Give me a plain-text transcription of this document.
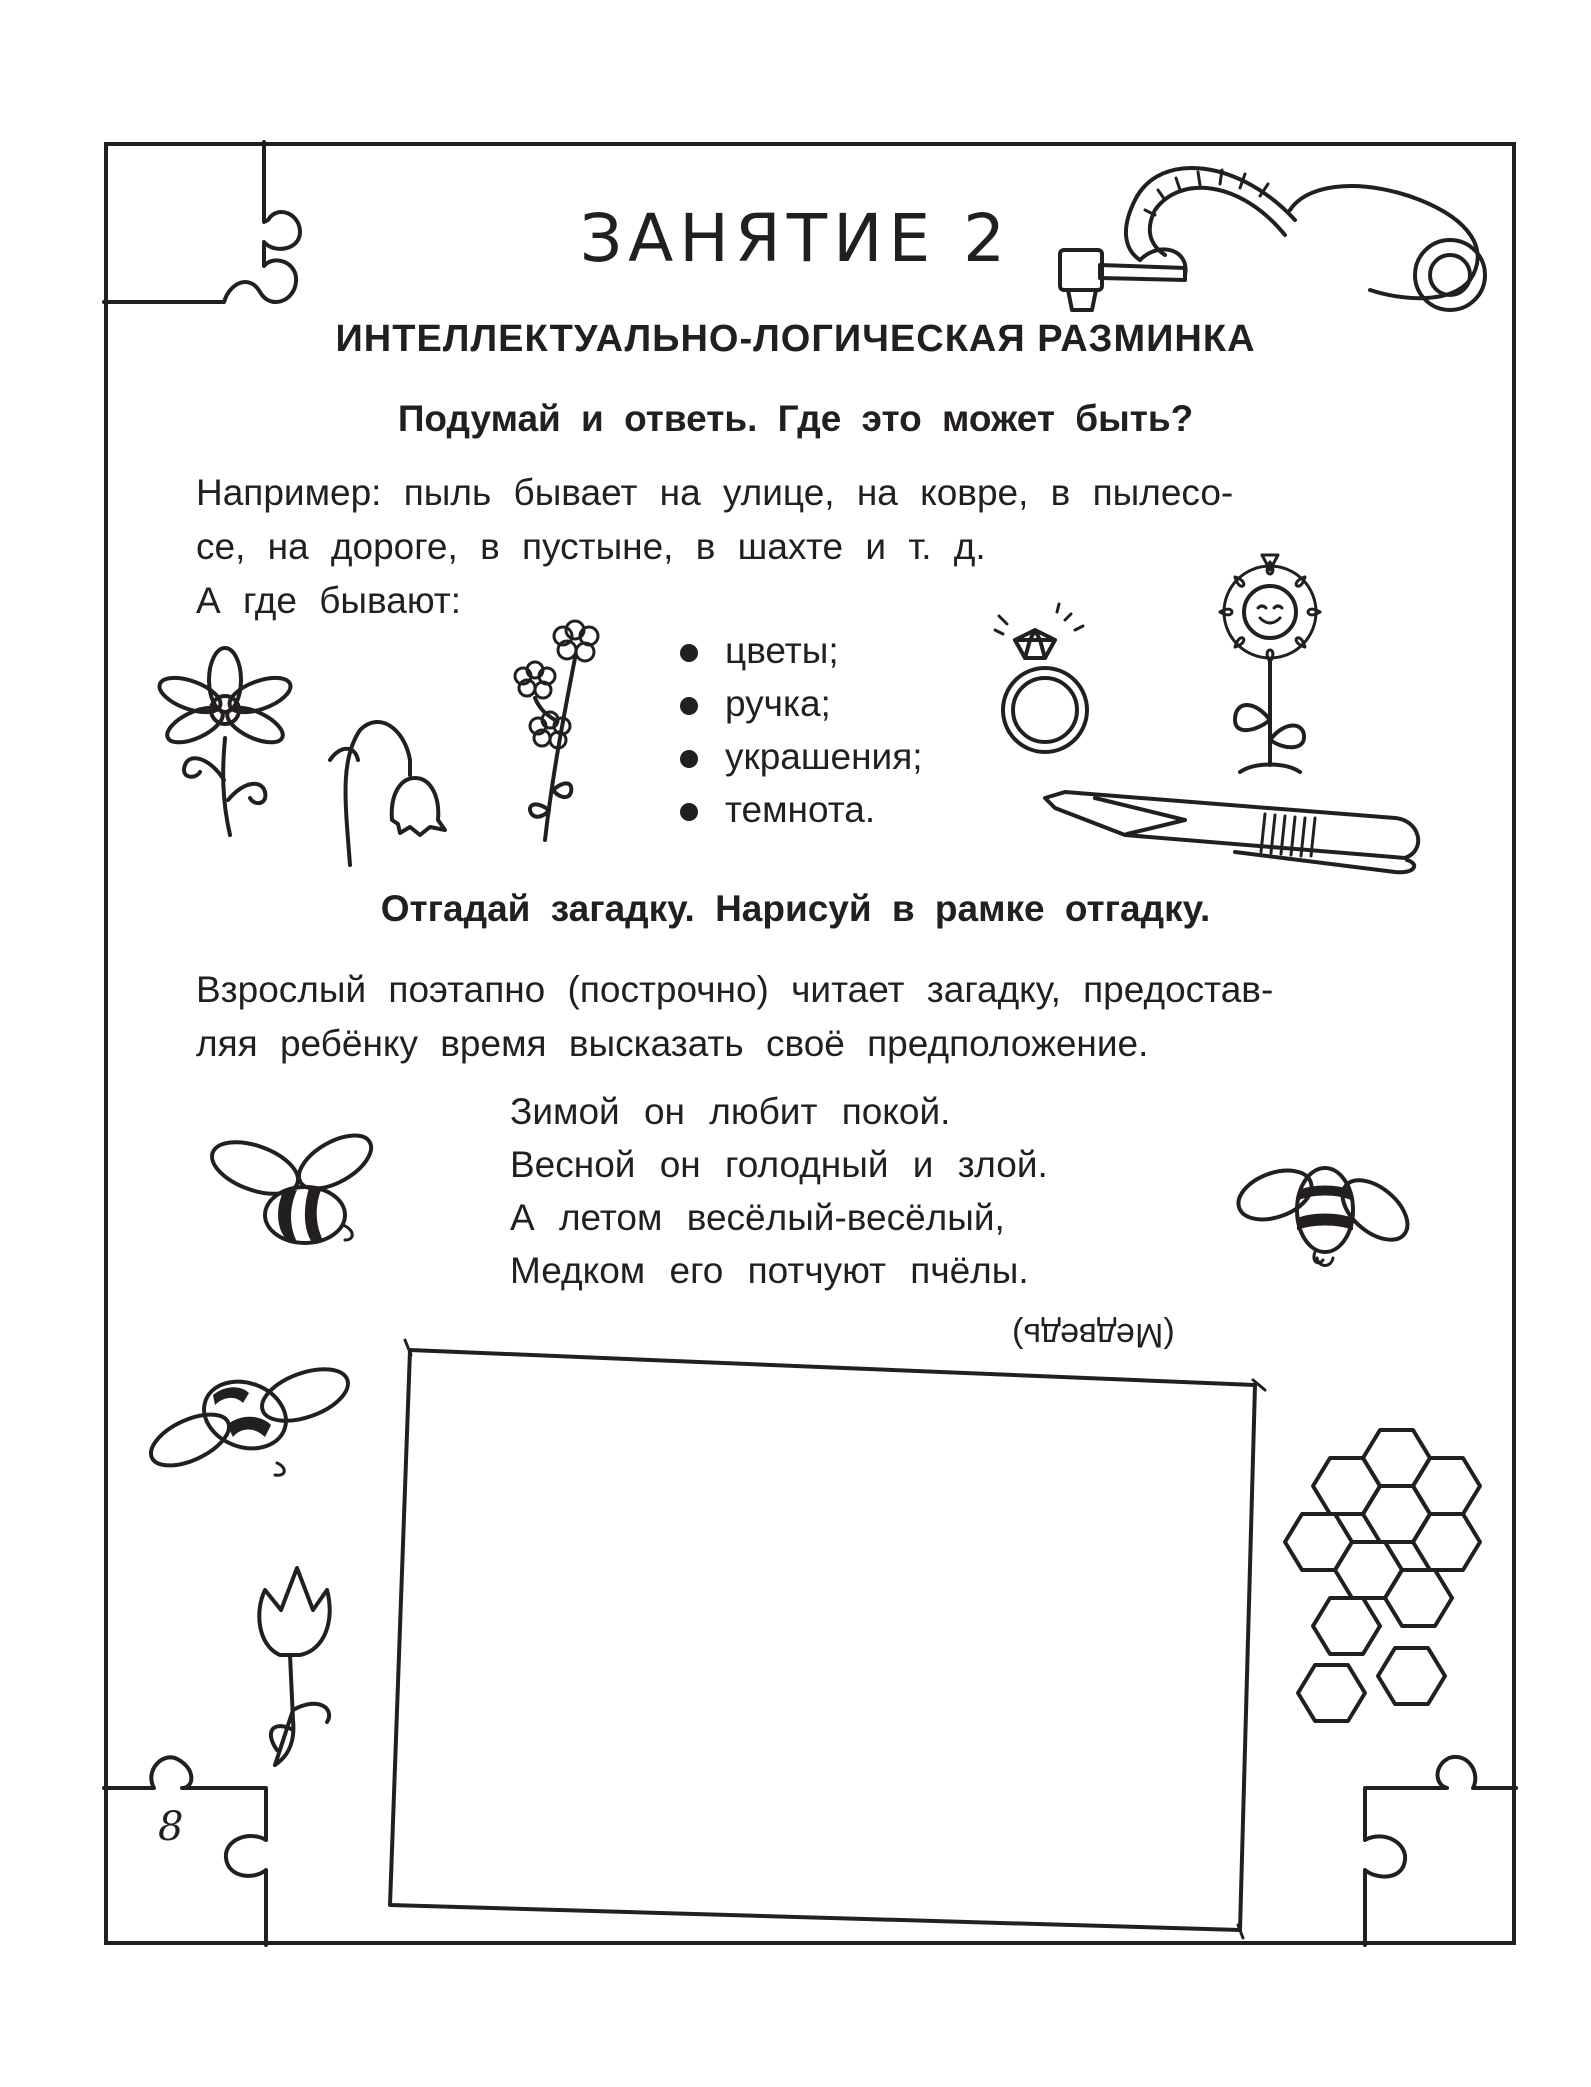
ЗАНЯТИЕ 2
ИНТЕЛЛЕКТУАЛЬНО-ЛОГИЧЕСКАЯ РАЗМИНКА
Подумай и ответь. Где это может быть?
Например: пыль бывает на улице, на ковре, в пылесо-
се, на дороге, в пустыне, в шахте и т. д.
А где бывают:
цветы;
ручка;
украшения;
темнота.
Отгадай загадку. Нарисуй в рамке отгадку.
Взрослый поэтапно (построчно) читает загадку, предостав-
ляя ребёнку время высказать своё предположение.
Зимой он любит покой.
Весной он голодный и злой.
А летом весёлый-весёлый,
Медком его потчуют пчёлы.
(Медведь)
8
